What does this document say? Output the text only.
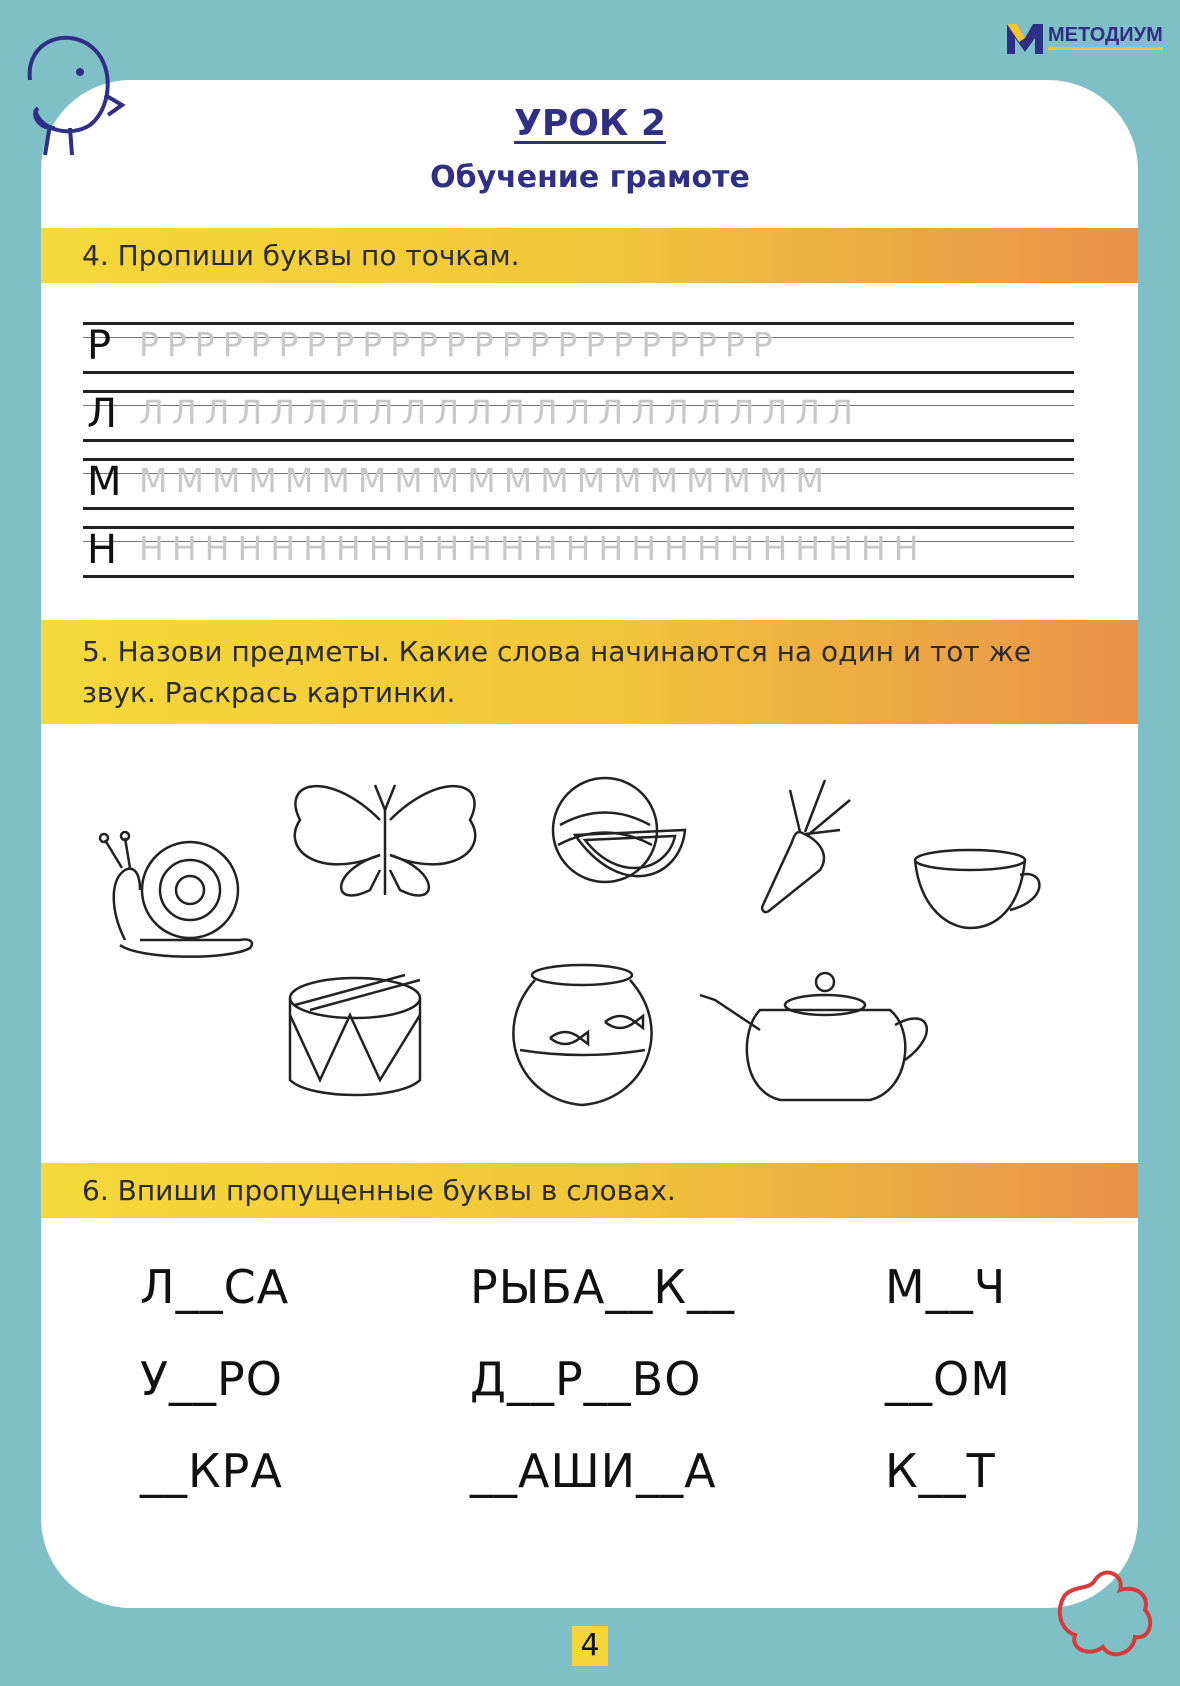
МЕТОДИУМ
УРОК 2
Обучение грамоте
4. Пропиши буквы по точкам.
Р РРРРРРРРРРРРРРРРРРРРРРР
Л ЛЛЛЛЛЛЛЛЛЛЛЛЛЛЛЛЛЛЛЛЛЛ
М МММММММММММММММММММ
Н НННННННННННННННННННННННН
5. Назови предметы. Какие слова начинаются на один и тот же
звук. Раскрась картинки.
6. Впиши пропущенные буквы в словах.
Л__СА	РЫБА__К__	М__Ч
У__РО	Д__Р__ВО	__ОМ
__КРА	__АШИ__А	К__Т
4
